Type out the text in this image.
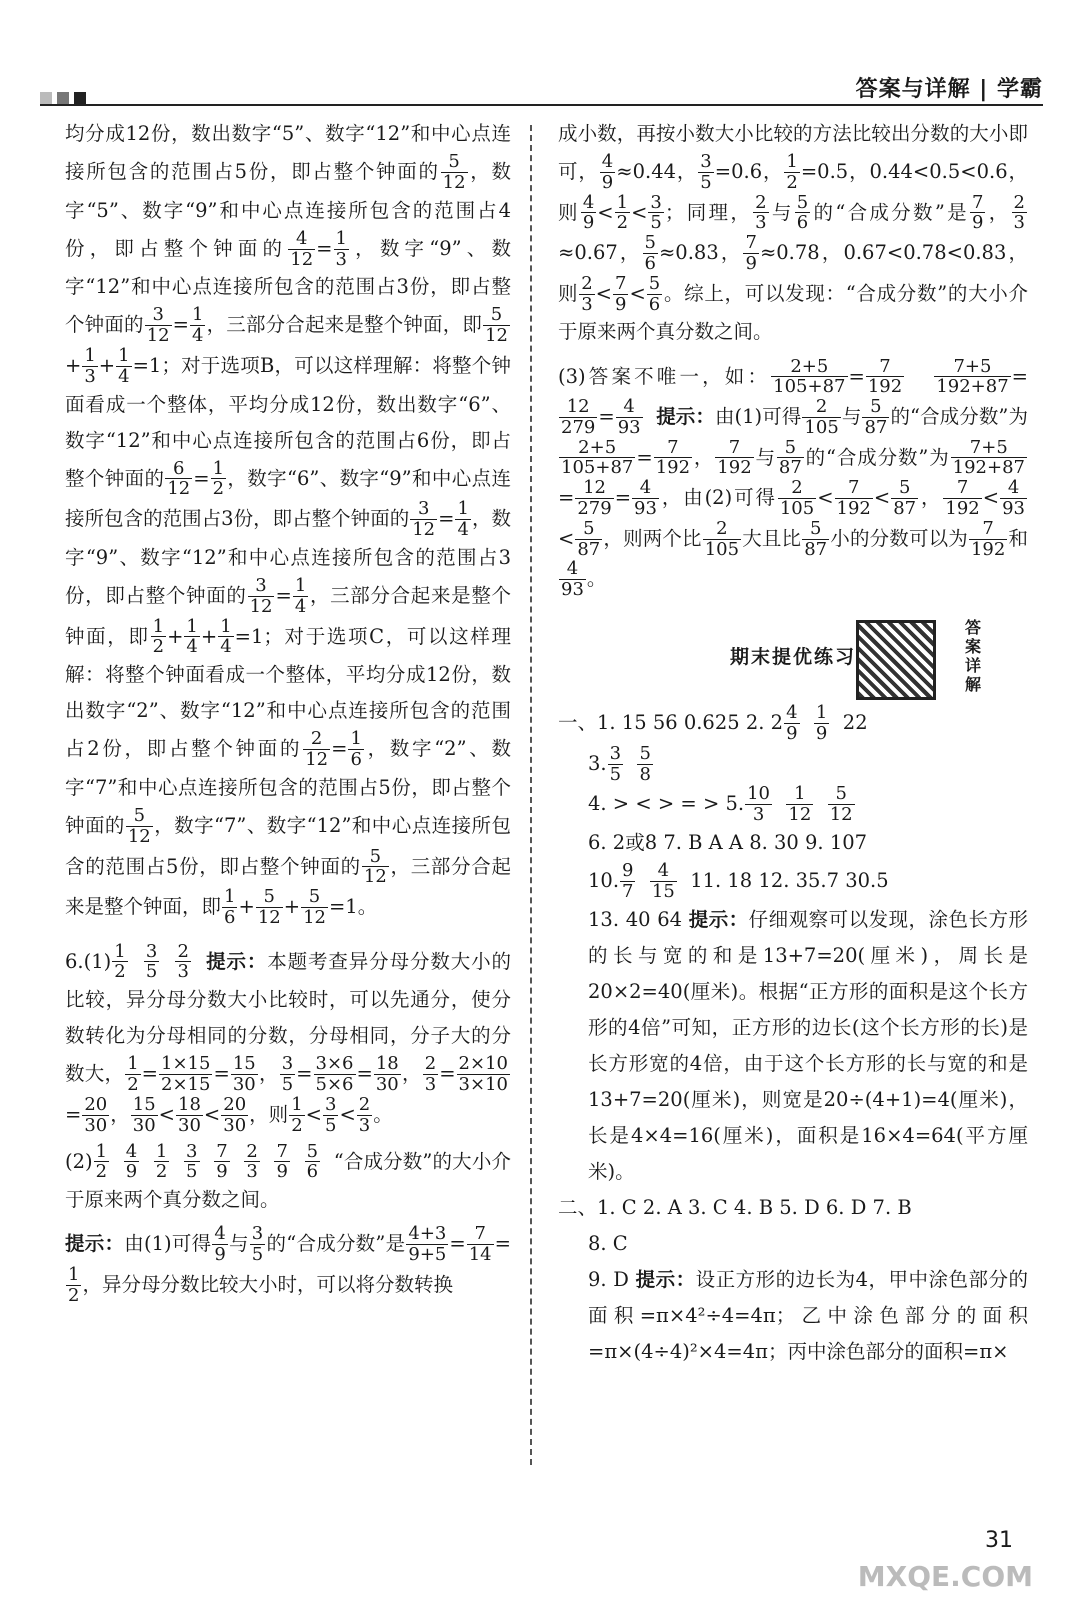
答案与详解 | 学霸

均分成12份，数出数字“5”、数字“12”和中心点连接所包含的范围占5份，即占整个钟面的 $\frac{5}{12}$ ，数字“5”、数字“9”和中心点连接所包含的范围占4份，即占整个钟面的 $\frac{4}{12} = \frac{1}{3}$ ，数字“9”、数字“12”和中心点连接所包含的范围占3份，即占整个钟面的 $\frac{3}{12} = \frac{1}{4}$ ，三部分合起来是整个钟面，即 $\frac{5}{12}$
+ $\frac{1}{3} + \frac{1}{4} =1$；对于选项B，可以这样理解：将整个钟面看成一个整体，平均分成12份，数出数字“6”、数字“12”和中心点连接所包含的范围占6份，即占整个钟面的 $\frac{6}{12} = \frac{1}{2}$ ，数字“6”、数字“9”和中心点连接所包含的范围占3份，即占整个钟面的 $\frac{3}{12} = \frac{1}{4}$ ，数字“9”、数字“12”和中心点连接所包含的范围占3份，即占整个钟面的 $\frac{3}{12} = \frac{1}{4}$ ，三部分合起来是整个钟面，即 $\frac{1}{2} + \frac{1}{4} + \frac{1}{4} =1$；对于选项C，可以这样理解：将整个钟面看成一个整体，平均分成12份，数出数字“2”、数字“12”和中心点连接所包含的范围占2份，即占整个钟面的 $\frac{2}{12} = \frac{1}{6}$ ，数字“2”、数字“7”和中心点连接所包含的范围占5份，即占整个钟面的 $\frac{5}{12}$ ，数字“7”、数字“12”和中心点连接所包含的范围占5份，即占整个钟面的 $\frac{5}{12}$ ，三部分合起来是整个钟面，即 $\frac{1}{6} + \frac{5}{12} + \frac{5}{12} =1$。

$6.(1) \frac{1}{2}$
$\frac{3}{5}$
$\frac{2}{3}$ 提示：本题考查异分母分数大小的比较，异分母分数大小比较时，可以先通分，使分数转化为分母相同的分数，分母相同，分子大的分数大， $\frac{1}{2} = \frac{1\times 15}{2\times 15} = \frac{15}{30}$ ， $\frac{3}{5} = \frac{3\times 6}{5\times 6} = \frac{18}{30}$ ， $\frac{2}{3} = \frac{2\times 10}{3\times 10}$
= $\frac{20}{30}$ ， $\frac{15}{30} < \frac{18}{30} < \frac{20}{30}$ ，则 $\frac{1}{2} < \frac{3}{5} < \frac{2}{3}$ 。

$(2) \frac{1}{2}$
$\frac{4}{9}$
$\frac{1}{2}$
$\frac{3}{5}$
$\frac{7}{9}$
$\frac{2}{3}$
$\frac{7}{9}$
$\frac{5}{6}$ “合成分数”的大小介于原来两个真分数之间。

提示：由(1)可得 $\frac{4}{9}$ 与 $\frac{3}{5}$ 的“合成分数”是 $\frac{4+3}{9+5} = \frac{7}{14}$ =
$\frac{1}{2}$ ，异分母分数比较大小时，可以将分数转换

成小数，再按小数大小比较的方法比较出分数的大小即可， $\frac{4}{9} \approx 0.44$， $\frac{3}{5} =0.6$， $\frac{1}{2} =0.5$，0.44<0.5<0.6，则 $\frac{4}{9} < \frac{1}{2} < \frac{3}{5}$ ；同理， $\frac{2}{3}$ 与 $\frac{5}{6}$ 的“合成分数”是 $\frac{7}{9}$ ， $\frac{2}{3}$
≈0.67， $\frac{5}{6} \approx 0.83$， $\frac{7}{9} \approx 0.78$，0.67<0.78<0.83，则 $\frac{2}{3} < \frac{7}{9} < \frac{5}{6}$ 。综上，可以发现：“合成分数”的大小介于原来两个真分数之间。

(3)答案不唯一，如： $\frac{2+5}{105+87} = \frac{7}{192}$
$\frac{7+5}{192+87}$ =
$\frac{12}{279} = \frac{4}{93}$ 提示：由(1)可得 $\frac{2}{105}$ 与 $\frac{5}{87}$ 的“合成分数”为
$\frac{2+5}{105+87} = \frac{7}{192}$ ， $\frac{7}{192}$ 与 $\frac{5}{87}$ 的“合成分数”为 $\frac{7+5}{192+87}$
= $\frac{12}{279} = \frac{4}{93}$ ，由(2)可得 $\frac{2}{105} < \frac{7}{192} < \frac{5}{87}$ ， $\frac{7}{192} < \frac{4}{93}$
< $\frac{5}{87}$ ，则两个比 $\frac{2}{105}$ 大且比 $\frac{5}{87}$ 小的分数可以为 $\frac{7}{192}$ 和
$\frac{4}{93}$ 。

期末提优练习
答案详解

一、1. 15 56 0.625 2. $2 \frac{4}{9}$
$\frac{1}{9} 22$

3. $\frac{3}{5}$
$\frac{5}{8}$

4. > < > = > 5. $\frac{10}{3}$
$\frac{1}{12}$
$\frac{5}{12}$

6. 2或8 7. B A A 8. 30 9. 107

10. $\frac{9}{7}$
$\frac{4}{15} 11$. 18 12. 35.7 30.5

13. 40 64 提示：仔细观察可以发现，涂色长方形的长与宽的和是13+7=20(厘米)，周长是20×2=40(厘米)。根据“正方形的面积是这个长方形的4倍”可知，正方形的边长(这个长方形的长)是长方形宽的4倍，由于这个长方形的长与宽的和是13+7=20(厘米)，则宽是20÷(4+1)=4(厘米)，长是4×4=16(厘米)，面积是16×4=64(平方厘米)。

二、1. C 2. A 3. C 4. B 5. D 6. D 7. B

8. C

9. D 提示：设正方形的边长为4，甲中涂色部分的面积=π×4²÷4=4π；乙中涂色部分的面积=π×(4÷4)²×4=4π；丙中涂色部分的面积=π×

31
MXQE.COM
